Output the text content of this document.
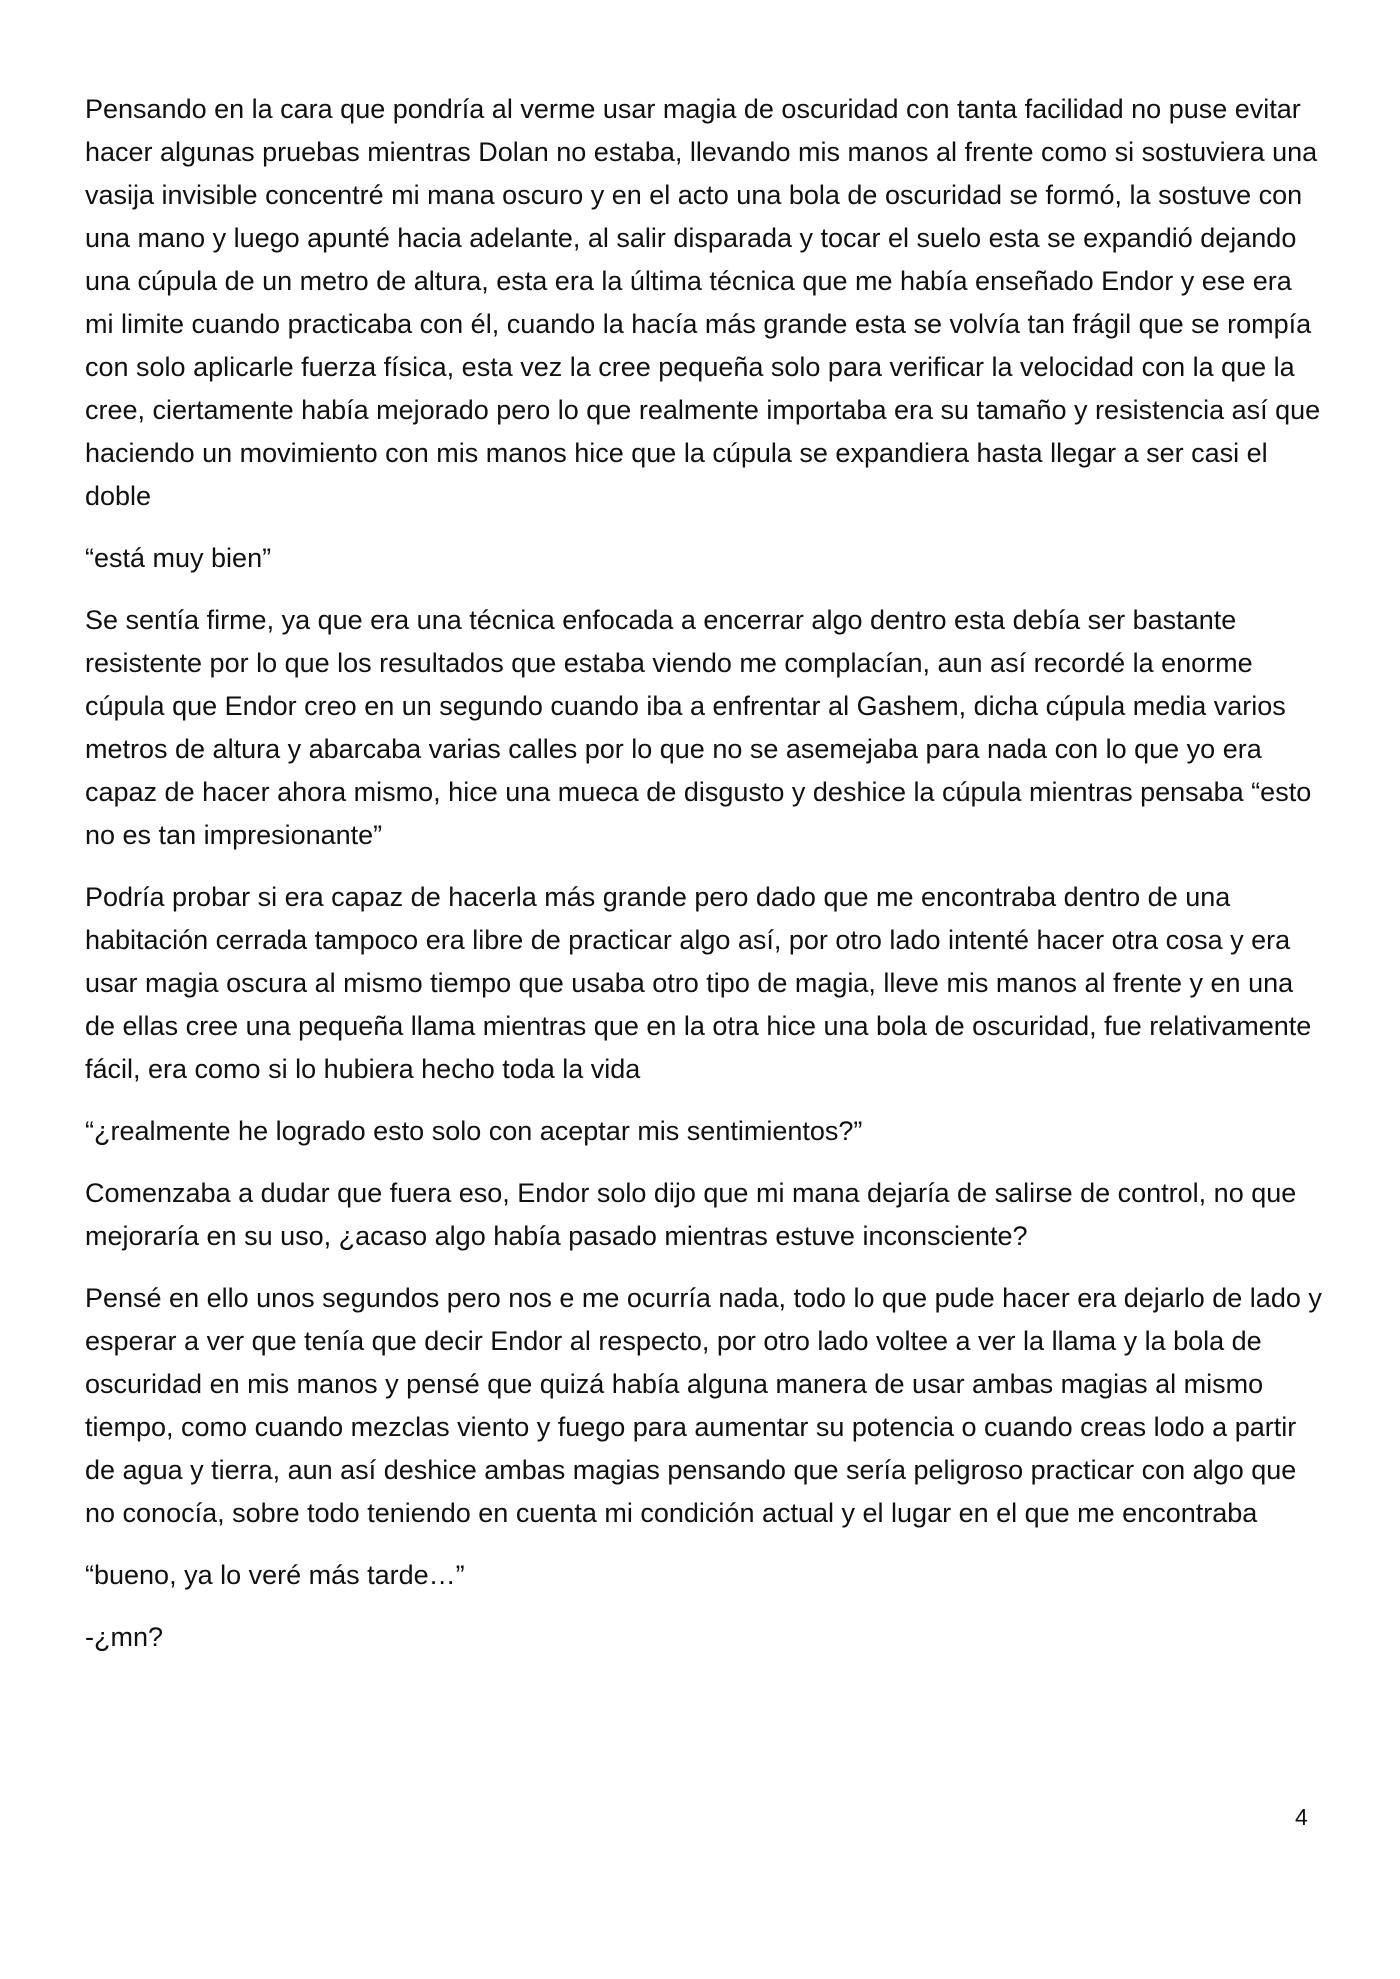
Pensando en la cara que pondría al verme usar magia de oscuridad con tanta facilidad no puse evitar hacer algunas pruebas mientras Dolan no estaba, llevando mis manos al frente como si sostuviera una vasija invisible concentré mi mana oscuro y en el acto una bola de oscuridad se formó, la sostuve con una mano y luego apunté hacia adelante, al salir disparada y tocar el suelo esta se expandió dejando una cúpula de un metro de altura, esta era la última técnica que me había enseñado Endor y ese era mi limite cuando practicaba con él, cuando la hacía más grande esta se volvía tan frágil que se rompía con solo aplicarle fuerza física, esta vez la cree pequeña solo para verificar la velocidad con la que la cree, ciertamente había mejorado pero lo que realmente importaba era su tamaño y resistencia así que haciendo un movimiento con mis manos hice que la cúpula se expandiera hasta llegar a ser casi el doble

“está muy bien”

Se sentía firme, ya que era una técnica enfocada a encerrar algo dentro esta debía ser bastante resistente por lo que los resultados que estaba viendo me complacían, aun así recordé la enorme cúpula que Endor creo en un segundo cuando iba a enfrentar al Gashem, dicha cúpula media varios metros de altura y abarcaba varias calles por lo que no se asemejaba para nada con lo que yo era capaz de hacer ahora mismo, hice una mueca de disgusto y deshice la cúpula mientras pensaba “esto no es tan impresionante”

Podría probar si era capaz de hacerla más grande pero dado que me encontraba dentro de una habitación cerrada tampoco era libre de practicar algo así, por otro lado intenté hacer otra cosa y era usar magia oscura al mismo tiempo que usaba otro tipo de magia, lleve mis manos al frente y en una de ellas cree una pequeña llama mientras que en la otra hice una bola de oscuridad, fue relativamente fácil, era como si lo hubiera hecho toda la vida

“¿realmente he logrado esto solo con aceptar mis sentimientos?”

Comenzaba a dudar que fuera eso, Endor solo dijo que mi mana dejaría de salirse de control, no que mejoraría en su uso, ¿acaso algo había pasado mientras estuve inconsciente?

Pensé en ello unos segundos pero nos e me ocurría nada, todo lo que pude hacer era dejarlo de lado y esperar a ver que tenía que decir Endor al respecto, por otro lado voltee a ver la llama y la bola de oscuridad en mis manos y pensé que quizá había alguna manera de usar ambas magias al mismo tiempo, como cuando mezclas viento y fuego para aumentar su potencia o cuando creas lodo a partir de agua y tierra, aun así deshice ambas magias pensando que sería peligroso practicar con algo que no conocía, sobre todo teniendo en cuenta mi condición actual y el lugar en el que me encontraba

“bueno, ya lo veré más tarde…”

-¿mn?

4
